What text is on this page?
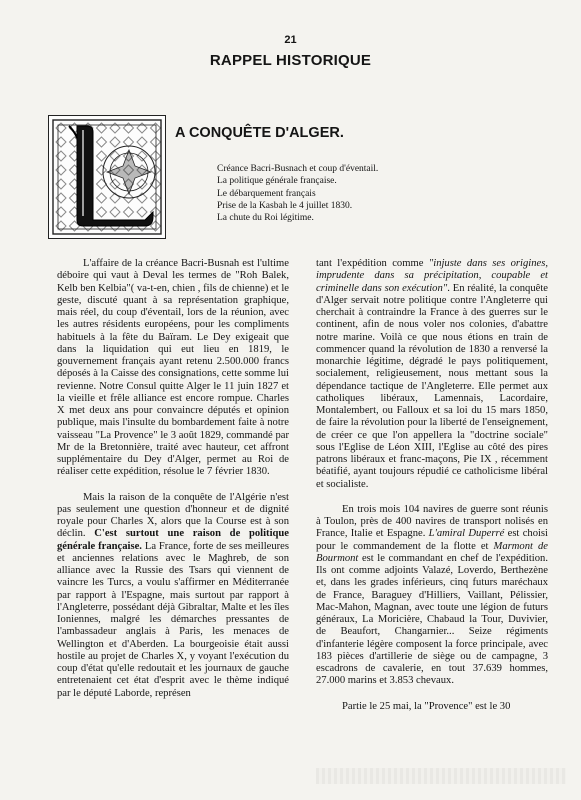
21
RAPPEL HISTORIQUE
L
A CONQUÊTE D'ALGER.
Créance Bacri-Busnach et coup d'éventail.
La politique générale française.
Le débarquement français
Prise de la Kasbah le 4 juillet 1830.
La chute du Roi légitime.

L'affaire de la créance Bacri-Busnah est l'ultime déboire qui vaut à Deval les termes de "Roh Balek, Kelb ben Kelbia"( va-t-en, chien , fils de chienne) et le geste, discuté quant à sa représentation graphique, mais réel, du coup d'éventail, lors de la réunion, avec les autres résidents européens, pour les compliments habituels à la fête du Baïram. Le Dey exigeait que dans la liquidation qui eut lieu en 1819, le gouvernement français ayant retenu 2.500.000 francs déposés à la Caisse des consignations, cette somme lui revienne. Notre Consul quitte Alger le 11 juin 1827 et la vieille et frêle alliance est encore rompue. Charles X met deux ans pour convaincre députés et opinion publique, mais l'insulte du bombardement faite à notre vaisseau "La Provence" le 3 août 1829, commandé par Mr de la Bretonnière, traité avec hauteur, cet affront supplémentaire du Dey d'Alger, permet au Roi de réaliser cette expédition, résolue le 7 février 1830.

Mais la raison de la conquête de l'Algérie n'est pas seulement une question d'honneur et de dignité royale pour Charles X, alors que la Course est à son déclin. C'est surtout une raison de politique générale française. La France, forte de ses meilleures et anciennes relations avec le Maghreb, de son alliance avec la Russie des Tsars qui viennent de vaincre les Turcs, a voulu s'affirmer en Méditerranée par rapport à l'Espagne, mais surtout par rapport à l'Angleterre, possédant déjà Gibraltar, Malte et les îles Ioniennes, malgré les démarches pressantes de l'ambassadeur anglais à Paris, les menaces de Wellington et d'Aberden. La bourgeoisie était aussi hostile au projet de Charles X, y voyant l'exécution du coup d'état qu'elle redoutait et les journaux de gauche entretenaient cet état d'esprit avec le thème indiqué par le député Laborde, représen

tant l'expédition comme "injuste dans ses origines, imprudente dans sa précipitation, coupable et criminelle dans son exécution". En réalité, la conquête d'Alger servait notre politique contre l'Angleterre qui cherchait à contraindre la France à des guerres sur le continent, afin de nous voler nos colonies, d'abattre notre marine. Voilà ce que nous étions en train de commencer quand la révolution de 1830 a renversé la monarchie légitime, dégradé le pays politiquement, socialement, religieusement, nous mettant sous la dépendance tactique de l'Angleterre. Elle permet aux catholiques libéraux, Lamennais, Lacordaire, Montalembert, ou Falloux et sa loi du 15 mars 1850, de faire la révolution pour la liberté de l'enseignement, de créer ce que l'on appellera la "doctrine sociale" sous l'Eglise de Léon XIII, l'Eglise au côté des pires patrons libéraux et franc-maçons, Pie IX , récemment béatifié, ayant toujours répudié ce catholicisme libéral et socialiste.

En trois mois 104 navires de guerre sont réunis à Toulon, près de 400 navires de transport nolisés en France, Italie et Espagne. L'amiral Duperré est choisi pour le commandement de la flotte et Marmont de Bourmont est le commandant en chef de l'expédition. Ils ont comme adjoints Valazé, Loverdo, Berthezène et, dans les grades inférieurs, cinq futurs maréchaux de France, Baraguey d'Hilliers, Vaillant, Pélissier, Mac-Mahon, Magnan, avec toute une légion de futurs généraux, La Moricière, Chabaud la Tour, Duvivier, de Beaufort, Changarnier... Seize régiments d'infanterie légère composent la force principale, avec 183 pièces d'artillerie de siège ou de campagne, 3 escadrons de cavalerie, en tout 37.639 hommes, 27.000 marins et 3.853 chevaux.

Partie le 25 mai, la "Provence" est le 30
